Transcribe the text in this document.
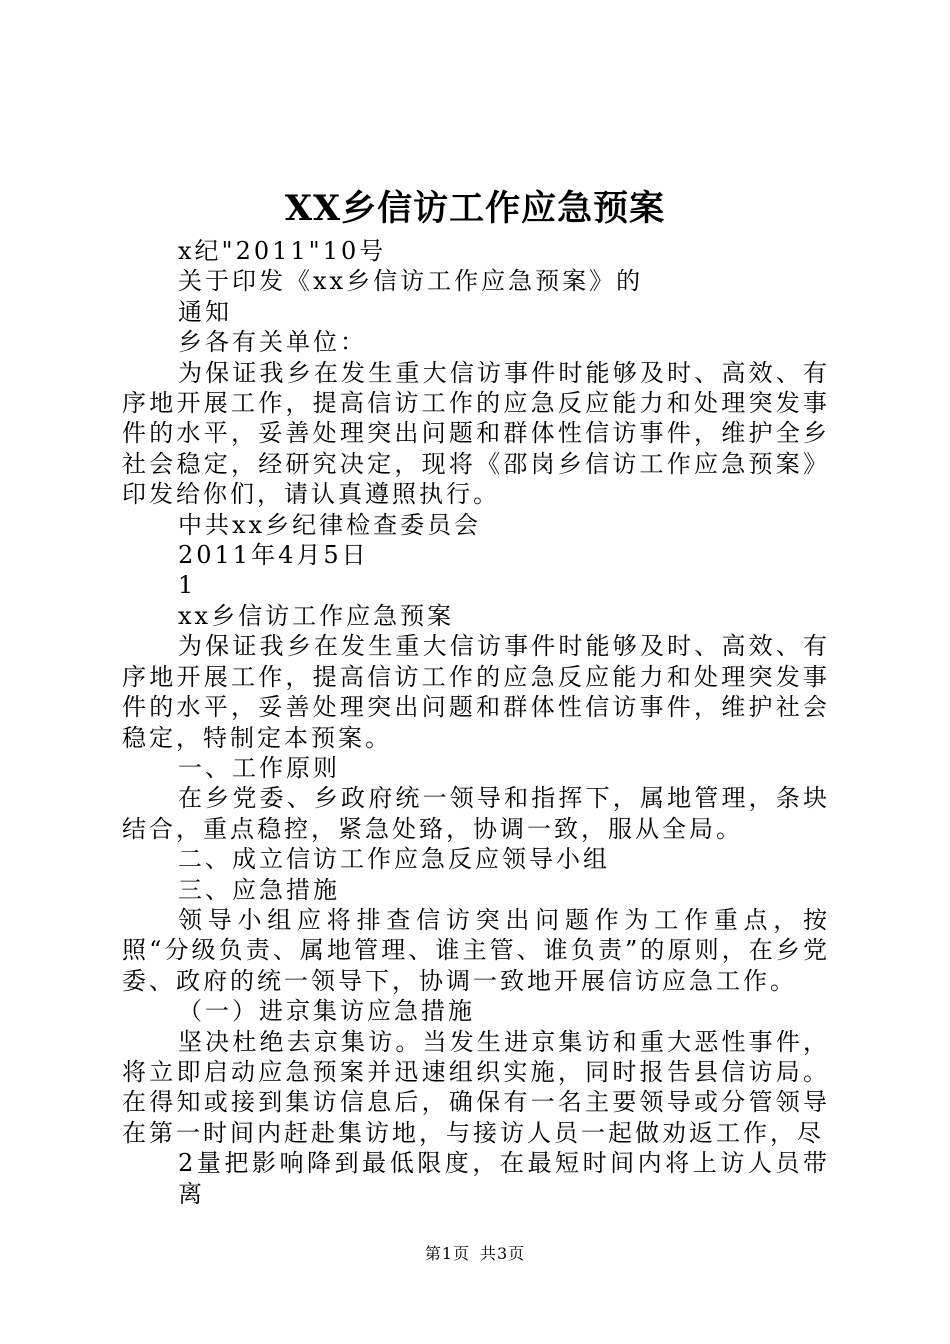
XX乡信访工作应急预案

x纪"2011"10号

关于印发《xx乡信访工作应急预案》的

通知

乡各有关单位：

为保证我乡在发生重大信访事件时能够及时、高效、有序地开展工作，提高信访工作的应急反应能力和处理突发事件的水平，妥善处理突出问题和群体性信访事件，维护全乡社会稳定，经研究决定，现将《邵岗乡信访工作应急预案》印发给你们，请认真遵照执行。

中共xx乡纪律检查委员会

2011年4月5日

1

xx乡信访工作应急预案

为保证我乡在发生重大信访事件时能够及时、高效、有序地开展工作，提高信访工作的应急反应能力和处理突发事件的水平，妥善处理突出问题和群体性信访事件，维护社会稳定，特制定本预案。

一、工作原则

在乡党委、乡政府统一领导和指挥下，属地管理，条块结合，重点稳控，紧急处臵，协调一致，服从全局。

二、成立信访工作应急反应领导小组

三、应急措施

领导小组应将排查信访突出问题作为工作重点，按照“分级负责、属地管理、谁主管、谁负责”的原则，在乡党委、政府的统一领导下，协调一致地开展信访应急工作。

（一）进京集访应急措施

坚决杜绝去京集访。当发生进京集访和重大恶性事件，将立即启动应急预案并迅速组织实施，同时报告县信访局。在得知或接到集访信息后，确保有一名主要领导或分管领导在第一时间内赶赴集访地，与接访人员一起做劝返工作，尽

2量把影响降到最低限度，在最短时间内将上访人员带离

第1页 共3页
